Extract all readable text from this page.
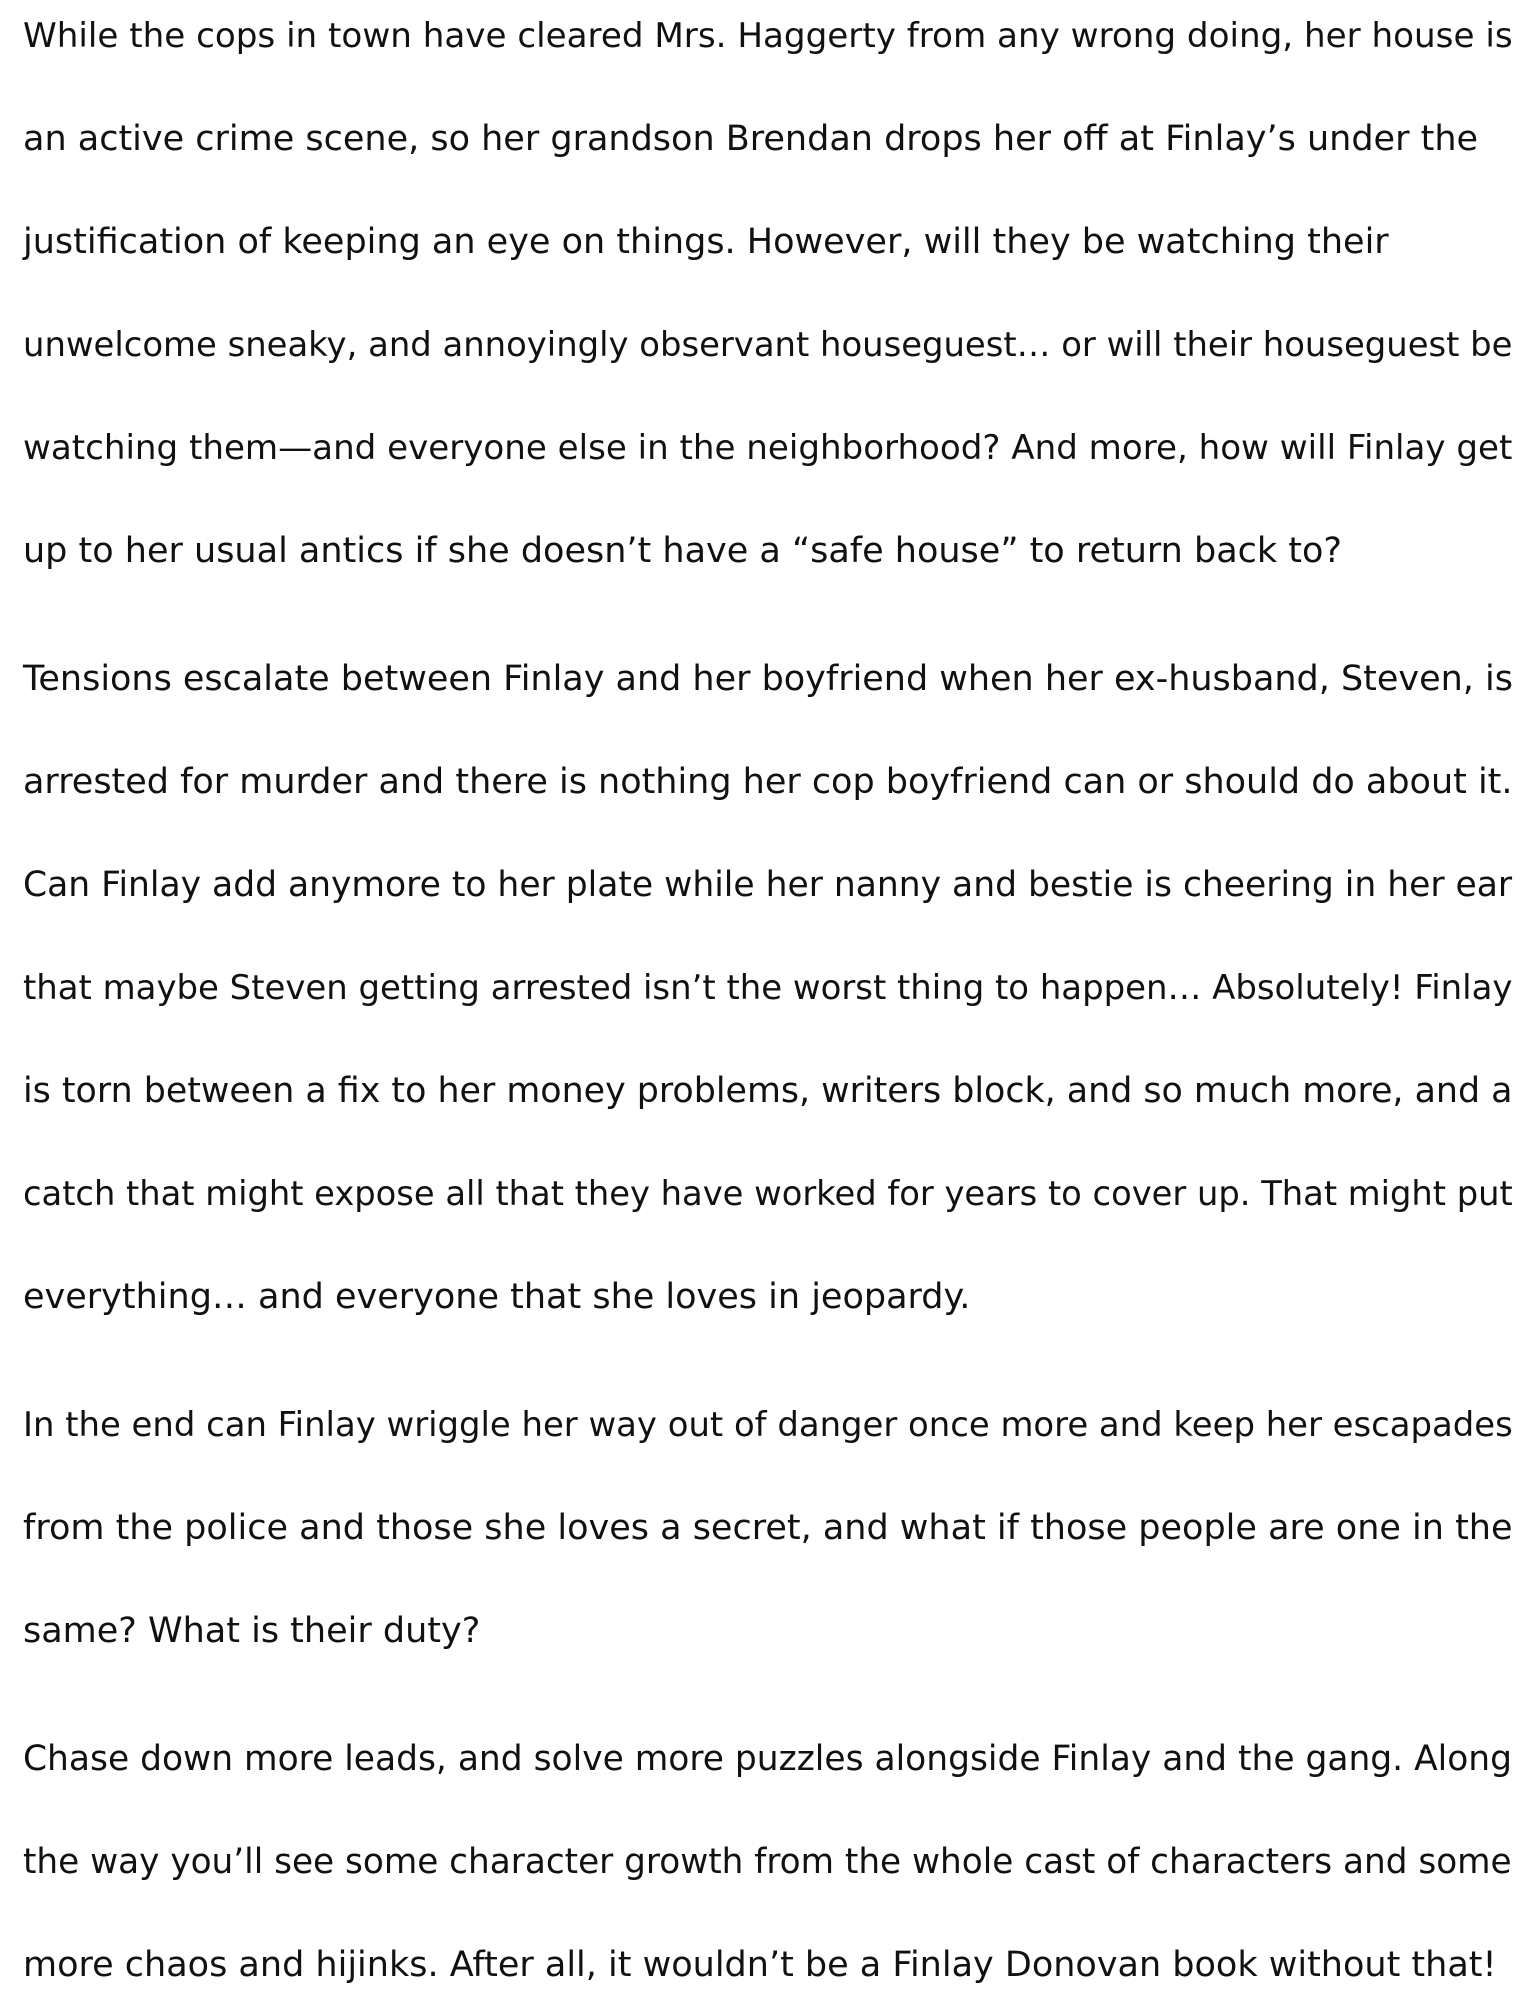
While the cops in town have cleared Mrs. Haggerty from any wrong doing, her house is
an active crime scene, so her grandson Brendan drops her off at Finlay’s under the
justification of keeping an eye on things. However, will they be watching their
unwelcome sneaky, and annoyingly observant houseguest… or will their houseguest be
watching them—and everyone else in the neighborhood? And more, how will Finlay get
up to her usual antics if she doesn’t have a “safe house” to return back to?
Tensions escalate between Finlay and her boyfriend when her ex-husband, Steven, is
arrested for murder and there is nothing her cop boyfriend can or should do about it.
Can Finlay add anymore to her plate while her nanny and bestie is cheering in her ear
that maybe Steven getting arrested isn’t the worst thing to happen… Absolutely! Finlay
is torn between a fix to her money problems, writers block, and so much more, and a
catch that might expose all that they have worked for years to cover up. That might put
everything… and everyone that she loves in jeopardy.
In the end can Finlay wriggle her way out of danger once more and keep her escapades
from the police and those she loves a secret, and what if those people are one in the
same? What is their duty?
Chase down more leads, and solve more puzzles alongside Finlay and the gang. Along
the way you’ll see some character growth from the whole cast of characters and some
more chaos and hijinks. After all, it wouldn’t be a Finlay Donovan book without that!
